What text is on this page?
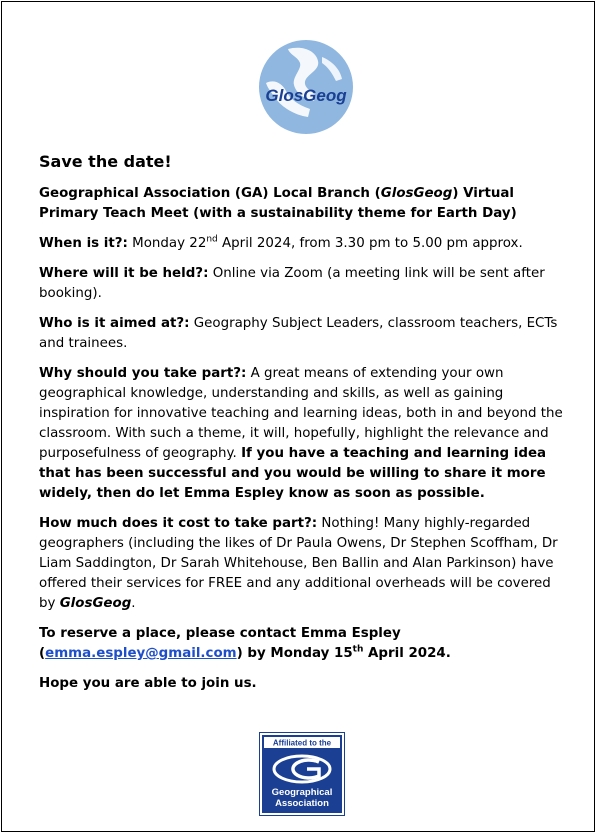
GlosGeog

Save the date!

Geographical Association (GA) Local Branch (GlosGeog) Virtual Primary Teach Meet (with a sustainability theme for Earth Day)

When is it?: Monday 22nd April 2024, from 3.30 pm to 5.00 pm approx.

Where will it be held?: Online via Zoom (a meeting link will be sent after booking).

Who is it aimed at?: Geography Subject Leaders, classroom teachers, ECTs and trainees.

Why should you take part?: A great means of extending your own geographical knowledge, understanding and skills, as well as gaining inspiration for innovative teaching and learning ideas, both in and beyond the classroom. With such a theme, it will, hopefully, highlight the relevance and purposefulness of geography. If you have a teaching and learning idea that has been successful and you would be willing to share it more widely, then do let Emma Espley know as soon as possible.

How much does it cost to take part?: Nothing! Many highly-regarded geographers (including the likes of Dr Paula Owens, Dr Stephen Scoffham, Dr Liam Saddington, Dr Sarah Whitehouse, Ben Ballin and Alan Parkinson) have offered their services for FREE and any additional overheads will be covered by GlosGeog.

To reserve a place, please contact Emma Espley (emma.espley@gmail.com) by Monday 15th April 2024.

Hope you are able to join us.

Affiliated to the
Geographical
Association
